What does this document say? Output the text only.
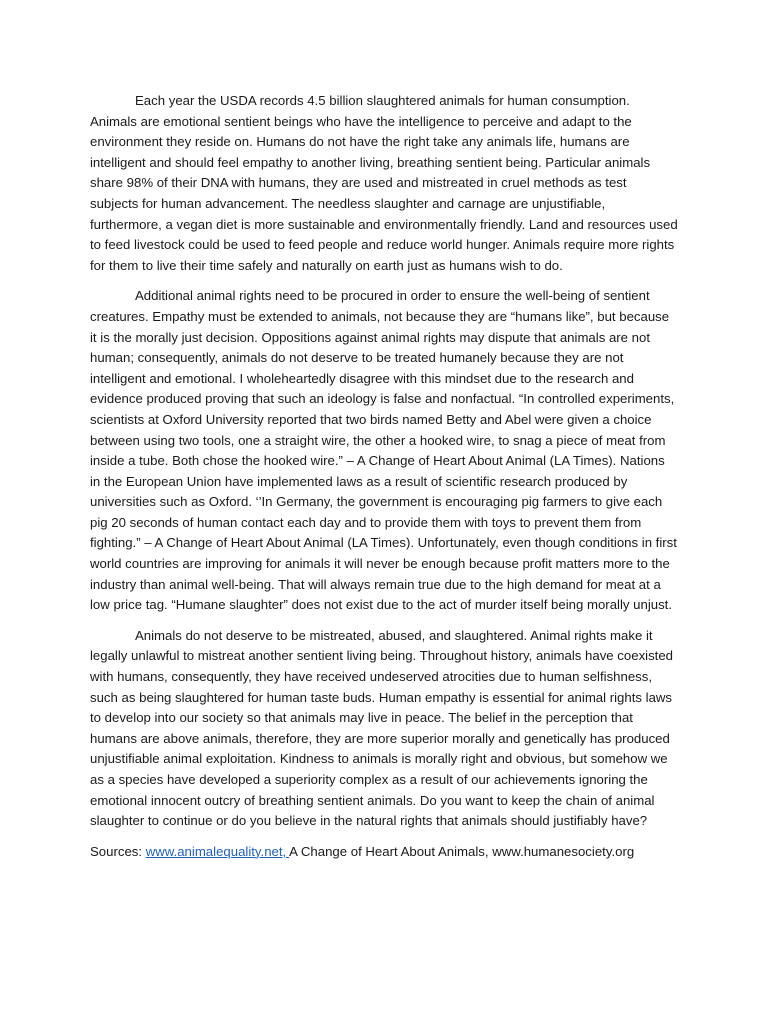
Each year the USDA records 4.5 billion slaughtered animals for human consumption. Animals are emotional sentient beings who have the intelligence to perceive and adapt to the environment they reside on. Humans do not have the right take any animals life, humans are intelligent and should feel empathy to another living, breathing sentient being. Particular animals share 98% of their DNA with humans, they are used and mistreated in cruel methods as test subjects for human advancement. The needless slaughter and carnage are unjustifiable, furthermore, a vegan diet is more sustainable and environmentally friendly. Land and resources used to feed livestock could be used to feed people and reduce world hunger. Animals require more rights for them to live their time safely and naturally on earth just as humans wish to do.

Additional animal rights need to be procured in order to ensure the well-being of sentient creatures. Empathy must be extended to animals, not because they are “humans like”, but because it is the morally just decision. Oppositions against animal rights may dispute that animals are not human; consequently, animals do not deserve to be treated humanely because they are not intelligent and emotional. I wholeheartedly disagree with this mindset due to the research and evidence produced proving that such an ideology is false and nonfactual. “In controlled experiments, scientists at Oxford University reported that two birds named Betty and Abel were given a choice between using two tools, one a straight wire, the other a hooked wire, to snag a piece of meat from inside a tube. Both chose the hooked wire.” – A Change of Heart About Animal (LA Times). Nations in the European Union have implemented laws as a result of scientific research produced by universities such as Oxford. ‘’In Germany, the government is encouraging pig farmers to give each pig 20 seconds of human contact each day and to provide them with toys to prevent them from fighting.” – A Change of Heart About Animal (LA Times). Unfortunately, even though conditions in first world countries are improving for animals it will never be enough because profit matters more to the industry than animal well-being. That will always remain true due to the high demand for meat at a low price tag. “Humane slaughter” does not exist due to the act of murder itself being morally unjust.

Animals do not deserve to be mistreated, abused, and slaughtered. Animal rights make it legally unlawful to mistreat another sentient living being. Throughout history, animals have coexisted with humans, consequently, they have received undeserved atrocities due to human selfishness, such as being slaughtered for human taste buds. Human empathy is essential for animal rights laws to develop into our society so that animals may live in peace. The belief in the perception that humans are above animals, therefore, they are more superior morally and genetically has produced unjustifiable animal exploitation. Kindness to animals is morally right and obvious, but somehow we as a species have developed a superiority complex as a result of our achievements ignoring the emotional innocent outcry of breathing sentient animals. Do you want to keep the chain of animal slaughter to continue or do you believe in the natural rights that animals should justifiably have?

Sources: www.animalequality.net, A Change of Heart About Animals, www.humanesociety.org
